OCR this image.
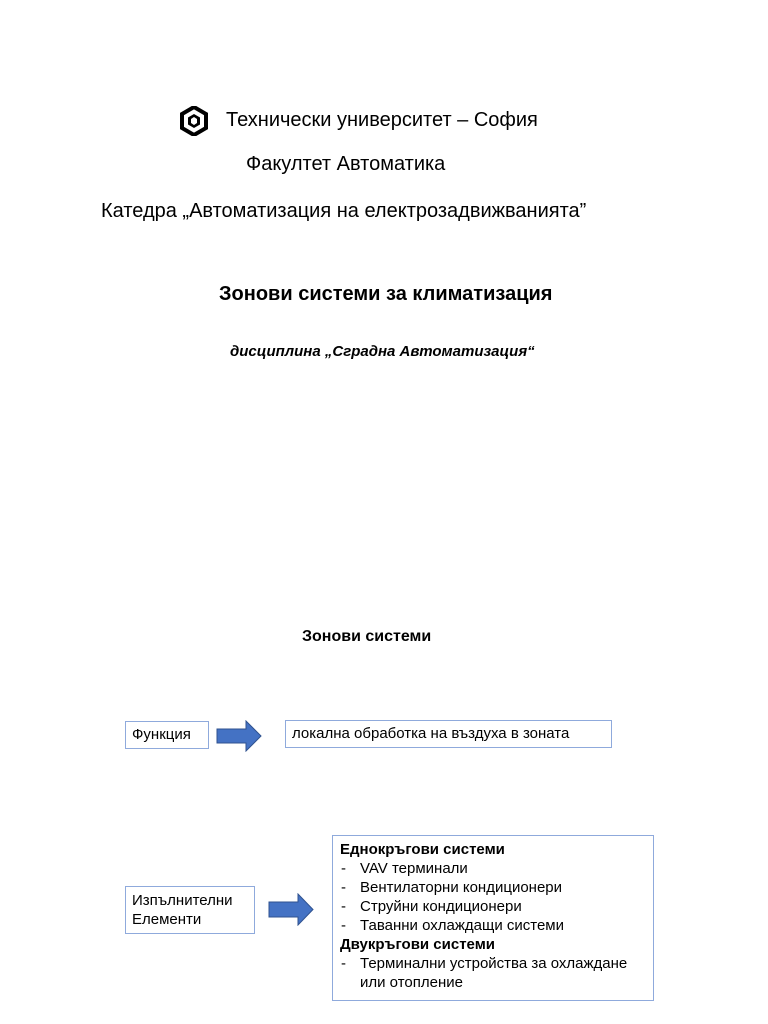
Технически университет – София
Факултет Автоматика
Катедра „Автоматизация на електрозадвижванията”
Зонови системи за климатизация
дисциплина „Сградна Автоматизация“
Зонови системи
Функция	локална обработка на въздуха в зоната
Изпълнителни
Елементи
Еднокръгови системи
- VAV терминали
- Вентилаторни кондиционери
- Струйни кондиционери
- Таванни охлаждащи системи
Двукръгови системи
- Терминални устройства за охлаждане или отопление
